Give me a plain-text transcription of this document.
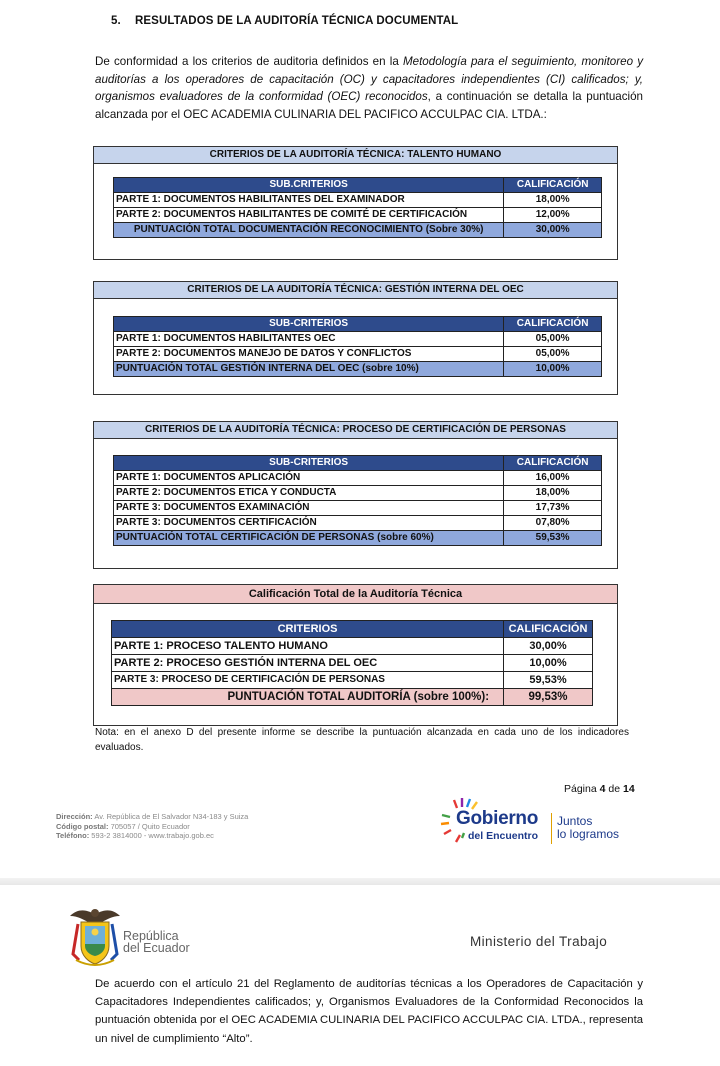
5. RESULTADOS DE LA AUDITORÍA TÉCNICA DOCUMENTAL

De conformidad a los criterios de auditoria definidos en la Metodología para el seguimiento, monitoreo y auditorías a los operadores de capacitación (OC) y capacitadores independientes (CI) calificados; y, organismos evaluadores de la conformidad (OEC) reconocidos, a continuación se detalla la puntuación alcanzada por el OEC ACADEMIA CULINARIA DEL PACIFICO ACCULPAC CIA. LTDA.:

CRITERIOS DE LA AUDITORÍA TÉCNICA: TALENTO HUMANO
SUB.CRITERIOS	CALIFICACIÓN
PARTE 1: DOCUMENTOS HABILITANTES DEL EXAMINADOR	18,00%
PARTE 2: DOCUMENTOS HABILITANTES DE COMITÉ DE CERTIFICACIÓN	12,00%
PUNTUACIÓN TOTAL DOCUMENTACIÓN RECONOCIMIENTO (Sobre 30%)	30,00%
CRITERIOS DE LA AUDITORÍA TÉCNICA: GESTIÓN INTERNA DEL OEC
SUB-CRITERIOS	CALIFICACIÓN
PARTE 1: DOCUMENTOS HABILITANTES OEC	05,00%
PARTE 2: DOCUMENTOS MANEJO DE DATOS Y CONFLICTOS	05,00%
PUNTUACIÓN TOTAL GESTIÓN INTERNA DEL OEC (sobre 10%)	10,00%
CRITERIOS DE LA AUDITORÍA TÉCNICA: PROCESO DE CERTIFICACIÓN DE PERSONAS
SUB-CRITERIOS	CALIFICACIÓN
PARTE 1: DOCUMENTOS APLICACIÓN	16,00%
PARTE 2: DOCUMENTOS ETICA Y CONDUCTA	18,00%
PARTE 3: DOCUMENTOS EXAMINACIÓN	17,73%
PARTE 3: DOCUMENTOS CERTIFICACIÓN	07,80%
PUNTUACIÓN TOTAL CERTIFICACIÓN DE PERSONAS (sobre 60%)	59,53%
Calificación Total de la Auditoría Técnica
CRITERIOS	CALIFICACIÓN
PARTE 1: PROCESO TALENTO HUMANO	30,00%
PARTE 2: PROCESO GESTIÓN INTERNA DEL OEC	10,00%
PARTE 3: PROCESO DE CERTIFICACIÓN DE PERSONAS	59,53%
PUNTUACIÓN TOTAL AUDITORÍA (sobre 100%):	99,53%

Nota: en el anexo D del presente informe se describe la puntuación alcanzada en cada uno de los indicadores evaluados.

Página 4 de 14
Dirección: Av. República de El Salvador N34-183 y Suiza
Código postal: 705057 / Quito Ecuador
Teléfono: 593-2 3814000 - www.trabajo.gob.ec
Gobierno
del Encuentro
Juntos
lo logramos
República
del Ecuador	Ministerio del Trabajo

De acuerdo con el artículo 21 del Reglamento de auditorías técnicas a los Operadores de Capacitación y Capacitadores Independientes calificados; y, Organismos Evaluadores de la Conformidad Reconocidos la puntuación obtenida por el OEC ACADEMIA CULINARIA DEL PACIFICO ACCULPAC CIA. LTDA., representa un nivel de cumplimiento “Alto”.
